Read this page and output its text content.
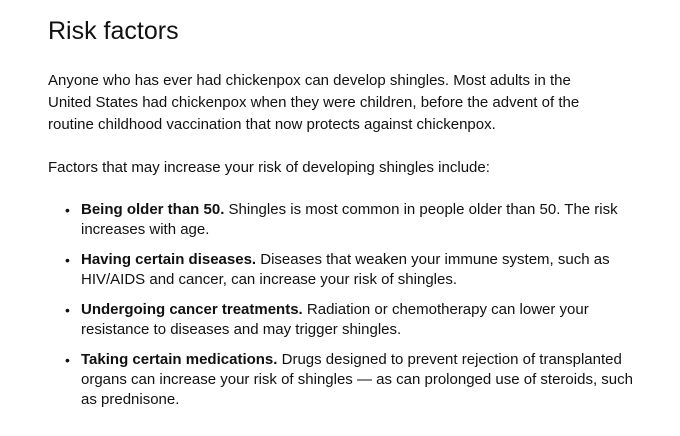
Risk factors

Anyone who has ever had chickenpox can develop shingles. Most adults in the United States had chickenpox when they were children, before the advent of the routine childhood vaccination that now protects against chickenpox.

Factors that may increase your risk of developing shingles include:

• Being older than 50. Shingles is most common in people older than 50. The risk increases with age.
• Having certain diseases. Diseases that weaken your immune system, such as HIV/AIDS and cancer, can increase your risk of shingles.
• Undergoing cancer treatments. Radiation or chemotherapy can lower your resistance to diseases and may trigger shingles.
• Taking certain medications. Drugs designed to prevent rejection of transplanted organs can increase your risk of shingles — as can prolonged use of steroids, such as prednisone.
